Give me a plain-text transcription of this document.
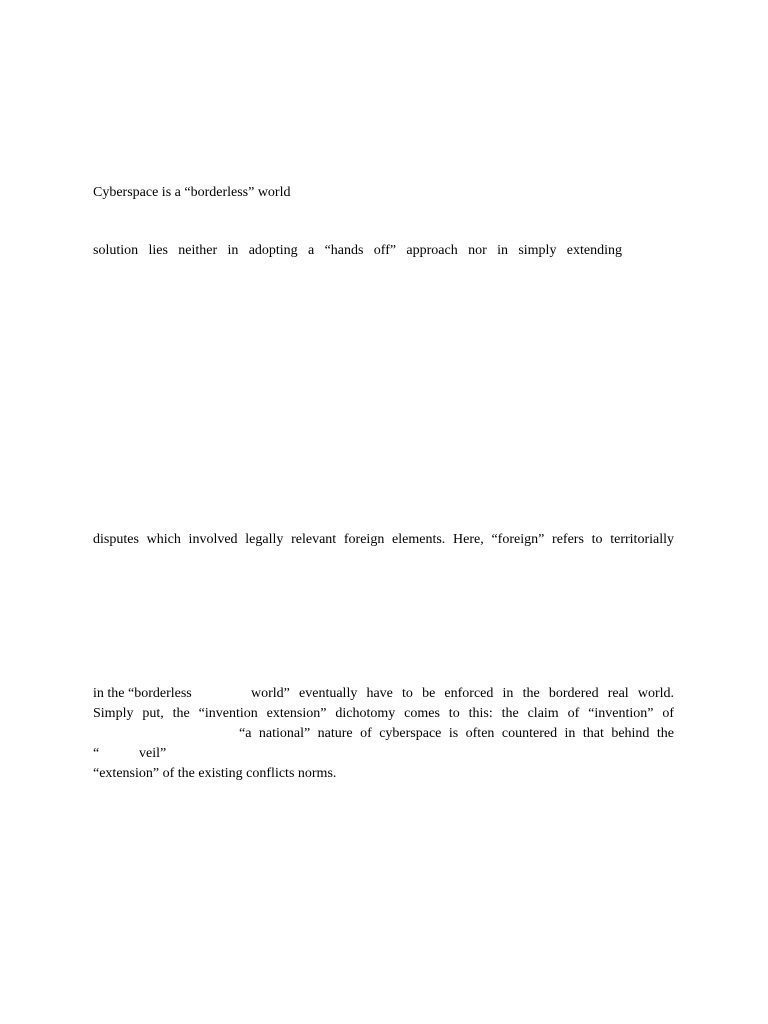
Cyberspace is a “borderless” world
solution lies neither in adopting a “hands off” approach nor in simply extending
disputes which involved legally relevant foreign elements. Here, “foreign” refers to territorially
in the “borderless	world” eventually have to be enforced in the bordered real world.
Simply put, the “invention extension” dichotomy comes to this: the claim of “invention” of
“a national” nature of cyberspace is often countered in that behind the
“	veil”
“extension” of the existing conflicts norms.
